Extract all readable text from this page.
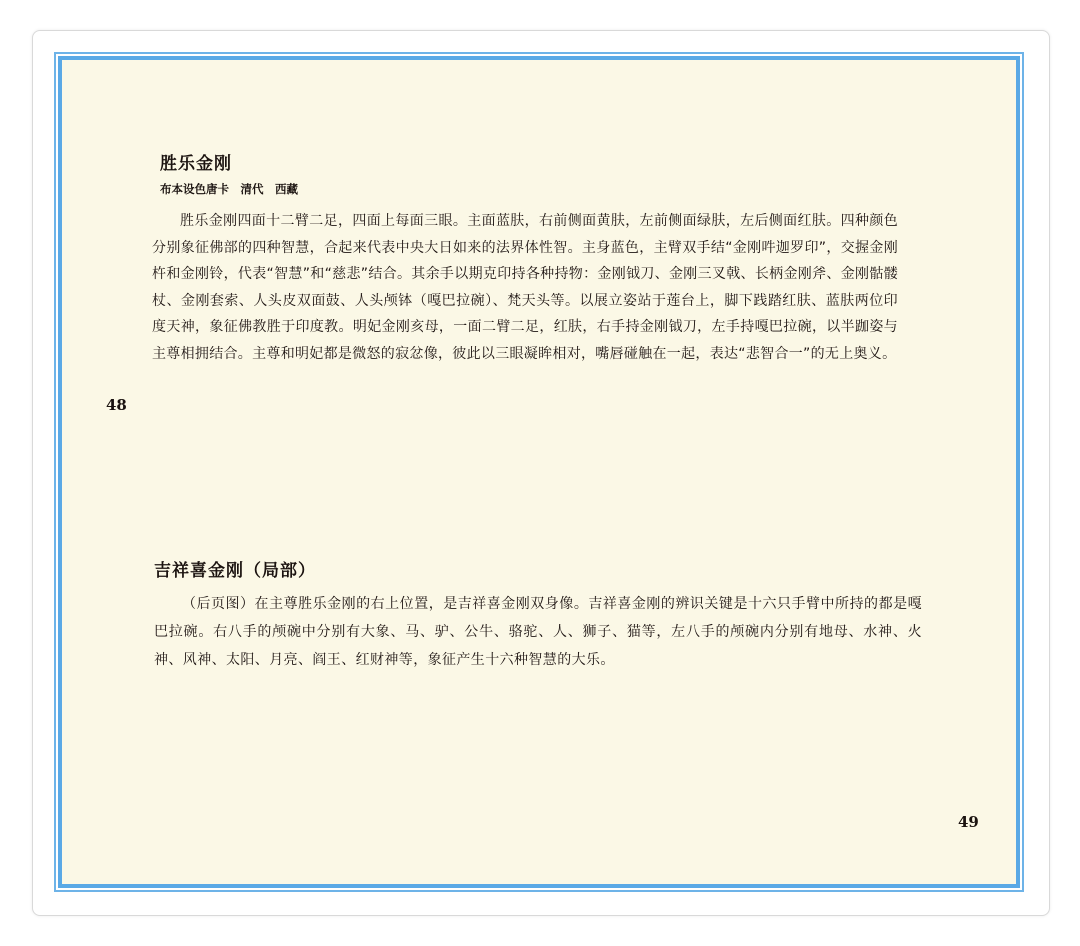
胜乐金刚
布本设色唐卡　清代　西藏

胜乐金刚四面十二臂二足，四面上每面三眼。主面蓝肤，右前侧面黄肤，左前侧面绿肤，左后侧面红肤。四种颜色分别象征佛部的四种智慧，合起来代表中央大日如来的法界体性智。主身蓝色，主臂双手结“金刚吽迦罗印”，交握金刚杵和金刚铃，代表“智慧”和“慈悲”结合。其余手以期克印持各种持物：金刚钺刀、金刚三叉戟、长柄金刚斧、金刚骷髅杖、金刚套索、人头皮双面鼓、人头颅钵（嘎巴拉碗）、梵天头等。以展立姿站于莲台上，脚下践踏红肤、蓝肤两位印度天神，象征佛教胜于印度教。明妃金刚亥母，一面二臂二足，红肤，右手持金刚钺刀，左手持嘎巴拉碗，以半跏姿与主尊相拥结合。主尊和明妃都是微怒的寂忿像，彼此以三眼凝眸相对，嘴唇碰触在一起，表达“悲智合一”的无上奥义。

48
吉祥喜金刚（局部）

（后页图）在主尊胜乐金刚的右上位置，是吉祥喜金刚双身像。吉祥喜金刚的辨识关键是十六只手臂中所持的都是嘎巴拉碗。右八手的颅碗中分别有大象、马、驴、公牛、骆驼、人、狮子、猫等，左八手的颅碗内分别有地母、水神、火神、风神、太阳、月亮、阎王、红财神等，象征产生十六种智慧的大乐。

49
